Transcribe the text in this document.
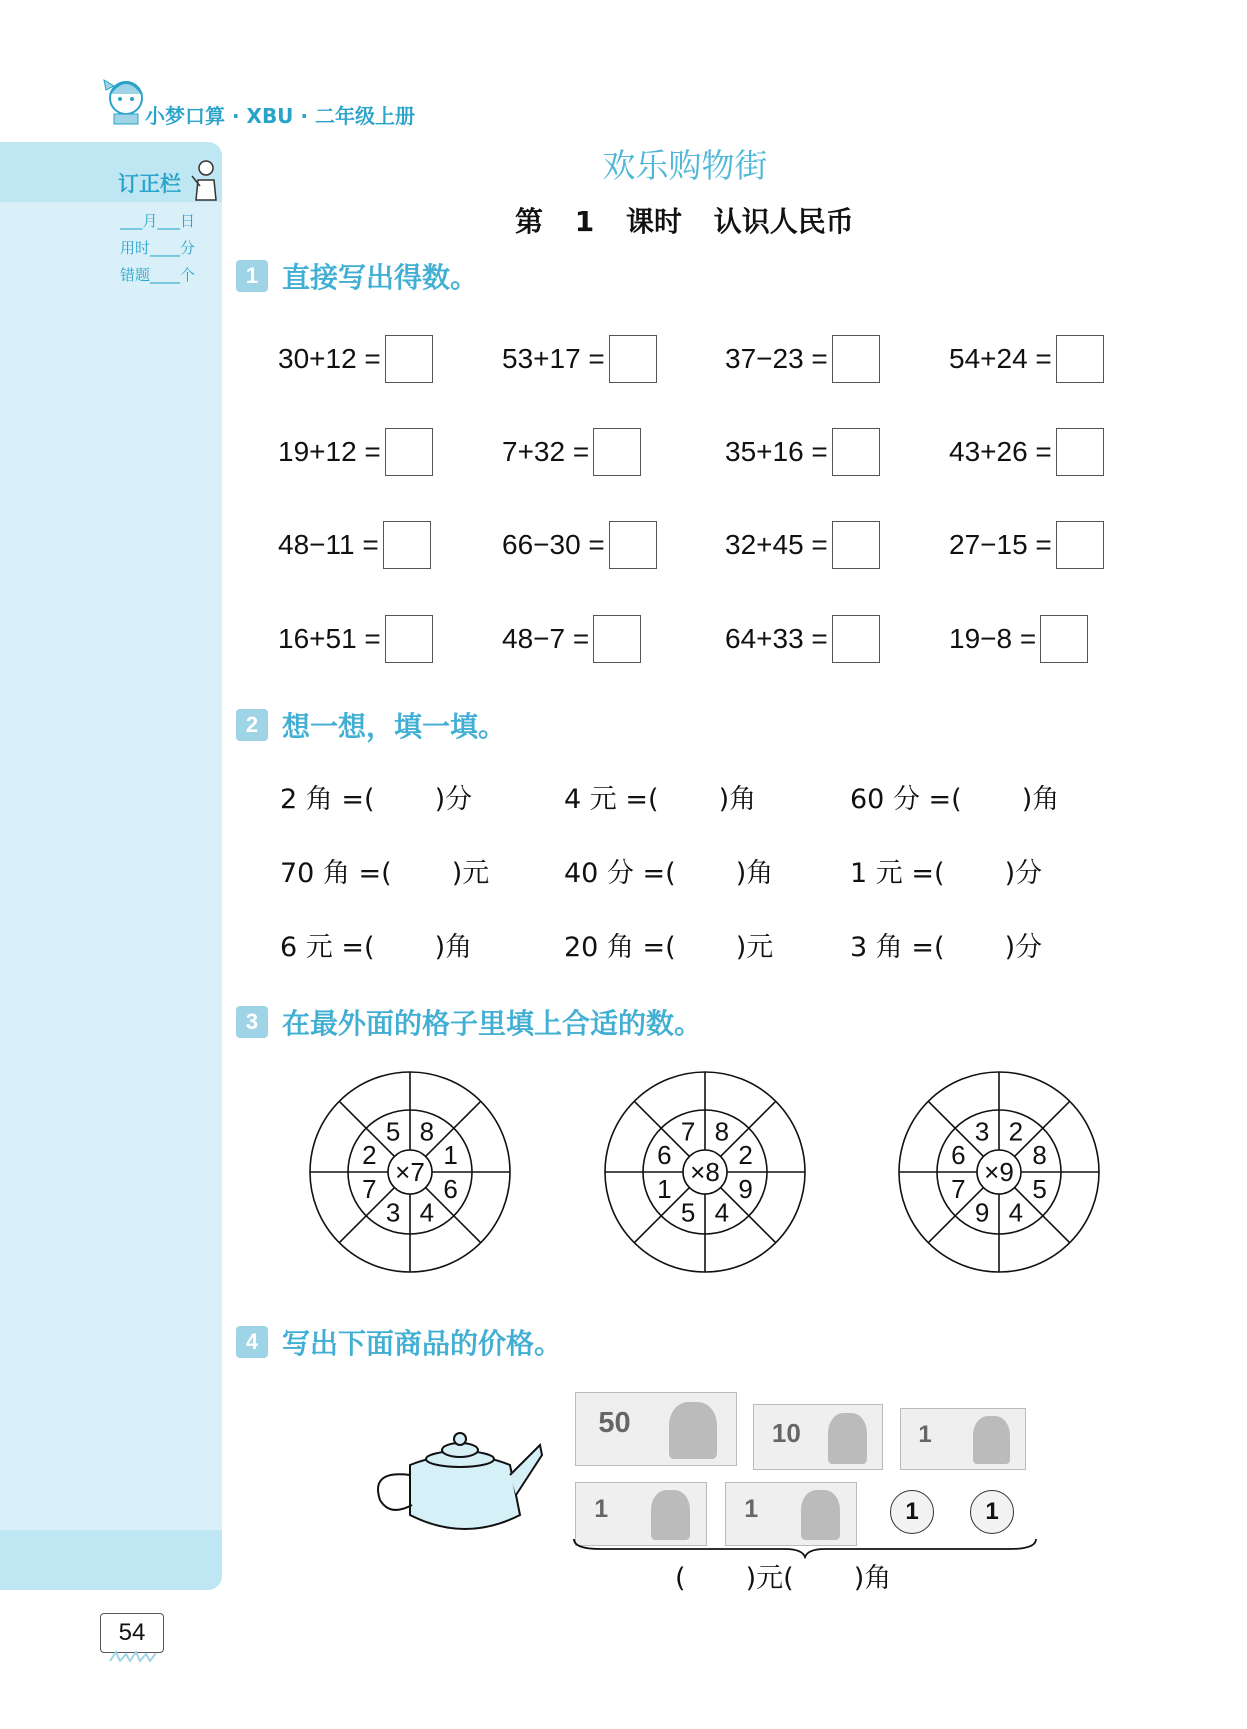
小梦口算 · XBU · 二年级上册
订正栏
___月___日
用时____分
错题____个
欢乐购物街
第 1 课时 认识人民币
1 直接写出得数。
30+12 =	53+17 =	37−23 =	54+24 =
19+12 =	7+32 =	35+16 =	43+26 =
48−11 =	66−30 =	32+45 =	27−15 =
16+51 =	48−7 =	64+33 =	19−8 =
2 想一想，填一填。
2 角 =(       )分	4 元 =(       )角	60 分 =(       )角
70 角 =(       )元	40 分 =(       )角	1 元 =(       )分
6 元 =(       )角	20 角 =(       )元	3 角 =(       )分
3 在最外面的格子里填上合适的数。
5 8
1
6
4
3
7
2
×7
7 8
2
9
4
5
1
6
×8
3 2
8
5
4
9
7
6
×9
4 写出下面商品的价格。
50	10	1
1	1	1	1
(       )元(       )角
54
